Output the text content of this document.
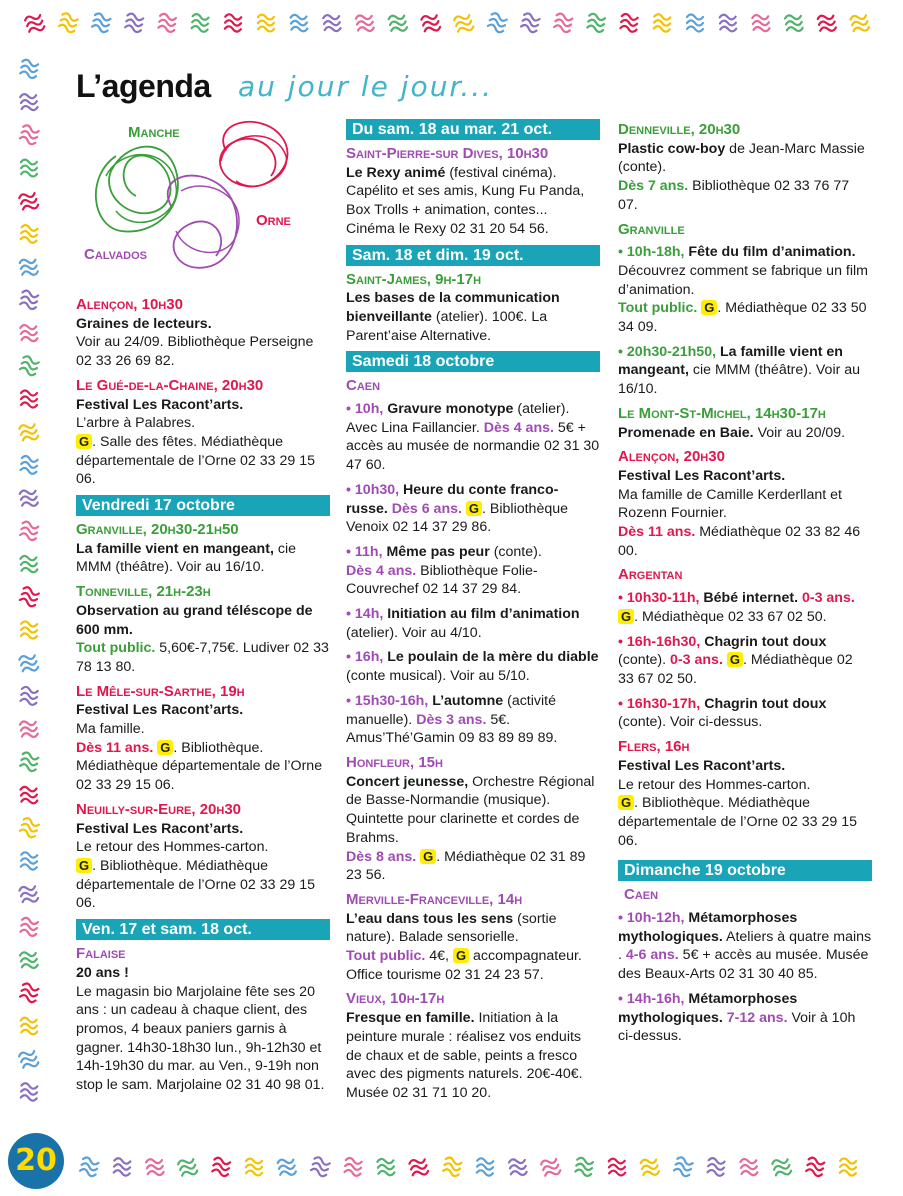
L’agenda au jour le jour...
Manche
Orne
Calvados
Alençon, 10h30
Graines de lecteurs.
Voir au 24/09. Bibliothèque Perseigne 02 33 26 69 82.
Le Gué-de-la-Chaine, 20h30
Festival Les Racont’arts.
L’arbre à Palabres.
G . Salle des fêtes. Médiathèque départementale de l’Orne 02 33 29 15 06.
Vendredi 17 octobre
Granville, 20h30-21h50
La famille vient en mangeant, cie MMM (théâtre). Voir au 16/10.
Tonneville, 21h-23h
Observation au grand téléscope de 600 mm.
Tout public. 5,60€-7,75€. Ludiver 02 33 78 13 80.
Le Mêle-sur-Sarthe, 19h
Festival Les Racont’arts.
Ma famille.
Dès 11 ans. G . Bibliothèque. Médiathèque départementale de l’Orne 02 33 29 15 06.
Neuilly-sur-Eure, 20h30
Festival Les Racont’arts.
Le retour des Hommes-carton.
G . Bibliothèque. Médiathèque départementale de l’Orne 02 33 29 15 06.
Ven. 17 et sam. 18 oct.
Falaise
20 ans !
Le magasin bio Marjolaine fête ses 20 ans : un cadeau à chaque client, des promos, 4 beaux paniers garnis à gagner. 14h30-18h30 lun., 9h-12h30 et 14h-19h30 du mar. au Ven., 9-19h non stop le sam. Marjolaine 02 31 40 98 01.
Du sam. 18 au mar. 21 oct.
Saint-Pierre-sur Dives, 10h30
Le Rexy animé (festival cinéma). Capélito et ses amis, Kung Fu Panda, Box Trolls + animation, contes... Cinéma le Rexy 02 31 20 54 56.
Sam. 18 et dim. 19 oct.
Saint-James, 9h-17h
Les bases de la communication bienveillante (atelier). 100€. La Parent’aise Alternative.
Samedi 18 octobre
Caen
• 10h, Gravure monotype (atelier). Avec Lina Faillancier. Dès 4 ans. 5€ + accès au musée de normandie 02 31 30 47 60.
• 10h30, Heure du conte franco-russe. Dès 6 ans. G . Bibliothèque Venoix 02 14 37 29 86.
• 11h, Même pas peur (conte).
Dès 4 ans. Bibliothèque Folie-Couvrechef 02 14 37 29 84.
• 14h, Initiation au film d’animation (atelier). Voir au 4/10.
• 16h, Le poulain de la mère du diable (conte musical). Voir au 5/10.
• 15h30-16h, L’automne (activité manuelle). Dès 3 ans. 5€. Amus’Thé’Gamin 09 83 89 89 89.
Honfleur, 15h
Concert jeunesse, Orchestre Régional de Basse-Normandie (musique). Quintette pour clarinette et cordes de Brahms.
Dès 8 ans. G . Médiathèque 02 31 89 23 56.
Merville-Franceville, 14h
L’eau dans tous les sens (sortie nature). Balade sensorielle.
Tout public. 4€, G accompagnateur. Office tourisme 02 31 24 23 57.
Vieux, 10h-17h
Fresque en famille. Initiation à la peinture murale : réalisez vos enduits de chaux et de sable, peints a fresco avec des pigments naturels. 20€-40€. Musée 02 31 71 10 20.
Denneville, 20h30
Plastic cow-boy de Jean-Marc Massie (conte).
Dès 7 ans. Bibliothèque 02 33 76 77 07.
Granville
• 10h-18h, Fête du film d’animation. Découvrez comment se fabrique un film d’animation.
Tout public. G . Médiathèque 02 33 50 34 09.
• 20h30-21h50, La famille vient en mangeant, cie MMM (théâtre). Voir au 16/10.
Le Mont-St-Michel, 14h30-17h
Promenade en Baie. Voir au 20/09.
Alençon, 20h30
Festival Les Racont’arts.
Ma famille de Camille Kerderllant et Rozenn Fournier.
Dès 11 ans. Médiathèque 02 33 82 46 00.
Argentan
• 10h30-11h, Bébé internet. 0-3 ans. G . Médiathèque 02 33 67 02 50.
• 16h-16h30, Chagrin tout doux (conte). 0-3 ans. G . Médiathèque 02 33 67 02 50.
• 16h30-17h, Chagrin tout doux (conte). Voir ci-dessus.
Flers, 16h
Festival Les Racont’arts.
Le retour des Hommes-carton.
G . Bibliothèque. Médiathèque départementale de l’Orne 02 33 29 15 06.
Dimanche 19 octobre
Caen
• 10h-12h, Métamorphoses mythologiques. Ateliers à quatre mains . 4-6 ans. 5€ + accès au musée. Musée des Beaux-Arts 02 31 30 40 85.
• 14h-16h, Métamorphoses mythologiques. 7-12 ans. Voir à 10h ci-dessus.
20
